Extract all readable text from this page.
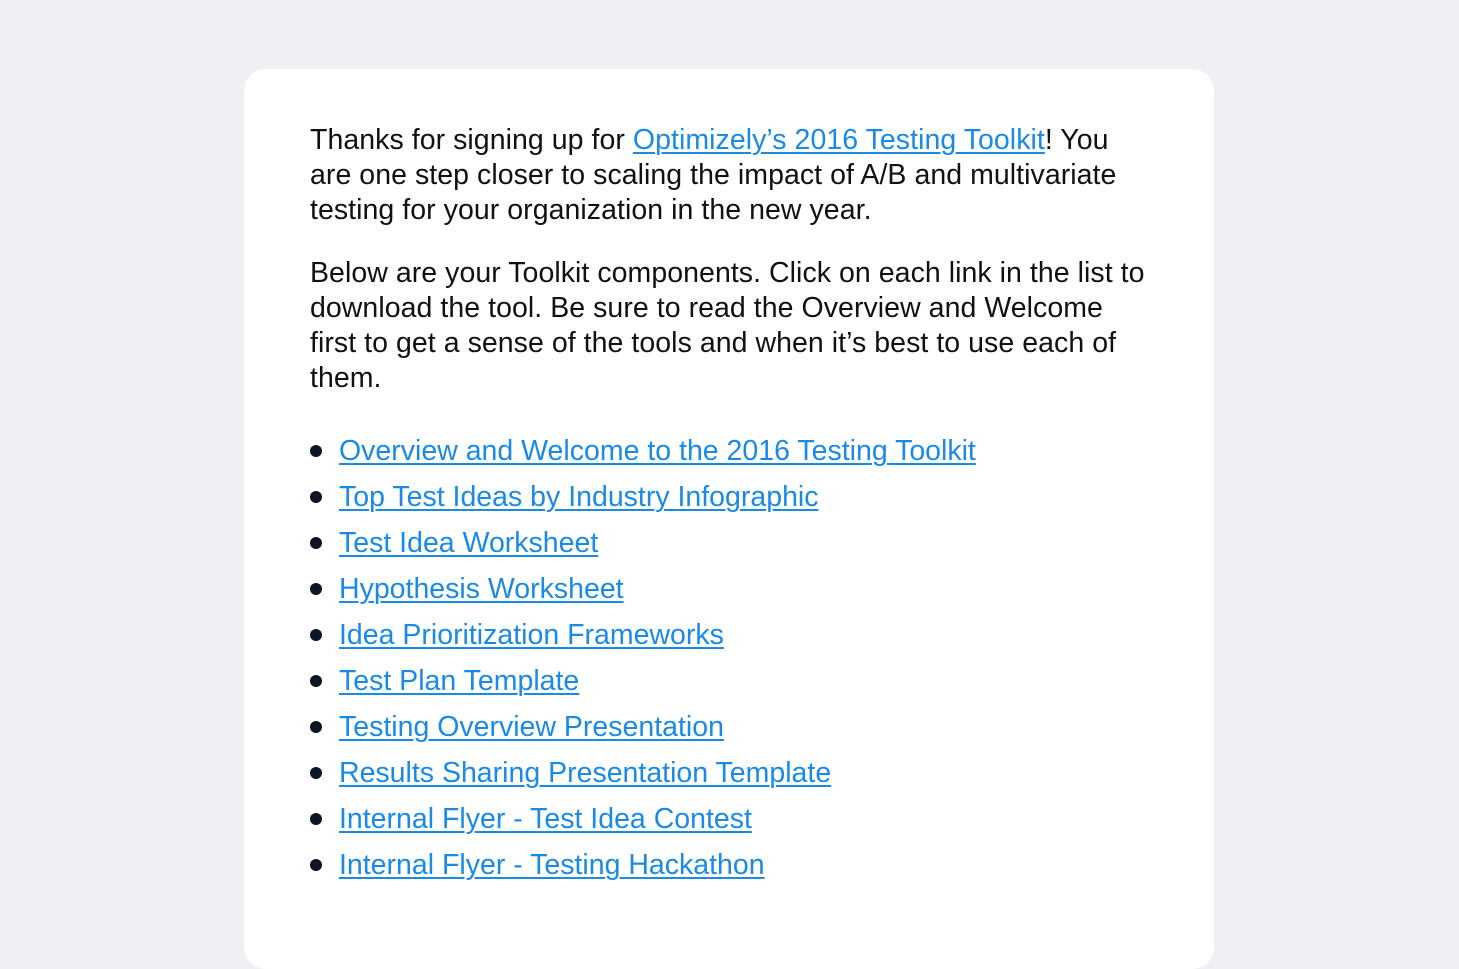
Thanks for signing up for Optimizely’s 2016 Testing Toolkit! You are one step closer to scaling the impact of A/B and multivariate testing for your organization in the new year.

Below are your Toolkit components. Click on each link in the list to download the tool. Be sure to read the Overview and Welcome first to get a sense of the tools and when it’s best to use each of them.

Overview and Welcome to the 2016 Testing Toolkit
Top Test Ideas by Industry Infographic
Test Idea Worksheet
Hypothesis Worksheet
Idea Prioritization Frameworks
Test Plan Template
Testing Overview Presentation
Results Sharing Presentation Template
Internal Flyer - Test Idea Contest
Internal Flyer - Testing Hackathon
